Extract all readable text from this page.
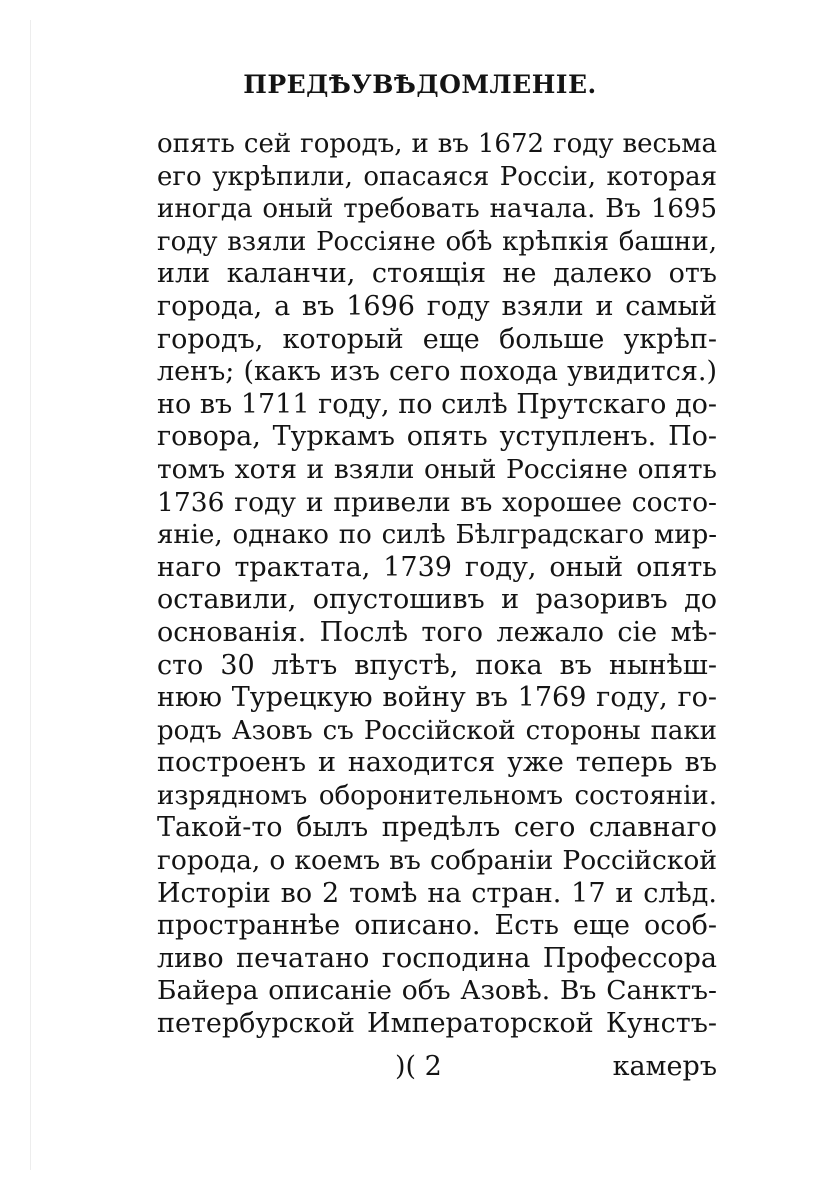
ПРЕДѢУВѢДОМЛЕНІЕ.
опять сей городъ, и въ 1672 году весьма
его укрѣпили, опасаяся Россіи, которая
иногда оный требовать начала. Въ 1695
году взяли Россіяне обѣ крѣпкія башни,
или каланчи, стоящія не далеко отъ
города, а въ 1696 году взяли и самый
городъ, который еще больше укрѣп-
ленъ; (какъ изъ сего похода увидится.)
но въ 1711 году, по силѣ Прутскаго до-
говора, Туркамъ опять уступленъ. По-
томъ хотя и взяли оный Россіяне опять
1736 году и привели въ хорошее состо-
яніе, однако по силѣ Бѣлградскаго мир-
наго трактата, 1739 году, оный опять
оставили, опустошивъ и разоривъ до
основанія. Послѣ того лежало сіе мѣ-
сто 30 лѣтъ впустѣ, пока въ нынѣш-
нюю Турецкую войну въ 1769 году, го-
родъ Азовъ съ Россійской стороны паки
построенъ и находится уже теперь въ
изрядномъ оборонительномъ состояніи.
Такой-то былъ предѣлъ сего славнаго
города, о коемъ въ собраніи Россійской
Исторіи во 2 томѣ на стран. 17 и слѣд.
пространнѣе описано. Есть еще особ-
ливо печатано господина Профессора
Байера описаніе объ Азовѣ. Въ Санктъ-
петербурской Императорской Кунстъ-
)( 2	камеръ
